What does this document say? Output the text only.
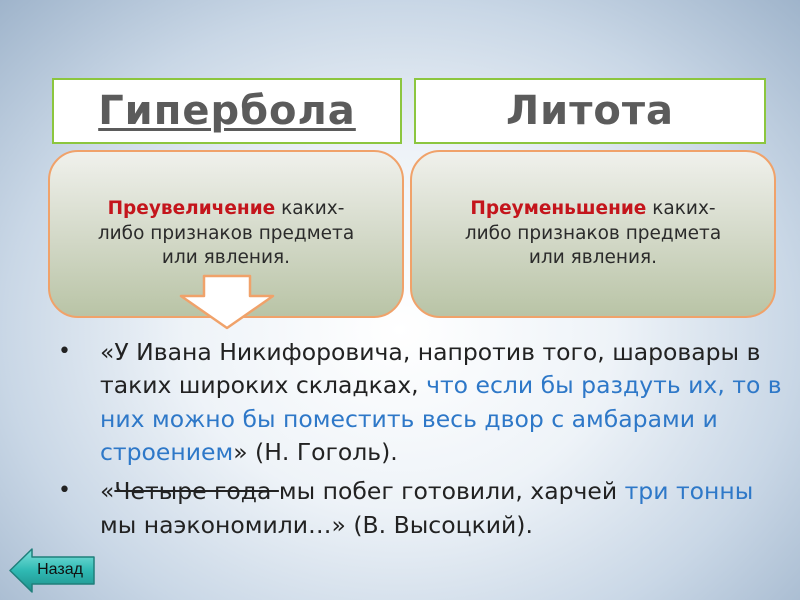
Гипербола	Литота
Преувеличение каких-
либо признаков предмета
или явления.
Преуменьшение каких-
либо признаков предмета
или явления.
• «У Ивана Никифоровича, напротив того, шаровары в таких широких складках, что если бы раздуть их, то в них можно бы поместить весь двор с амбарами и строением» (Н. Гоголь).
• «Четыре года мы побег готовили, харчей три тонны мы наэкономили…» (В. Высоцкий).
Назад
